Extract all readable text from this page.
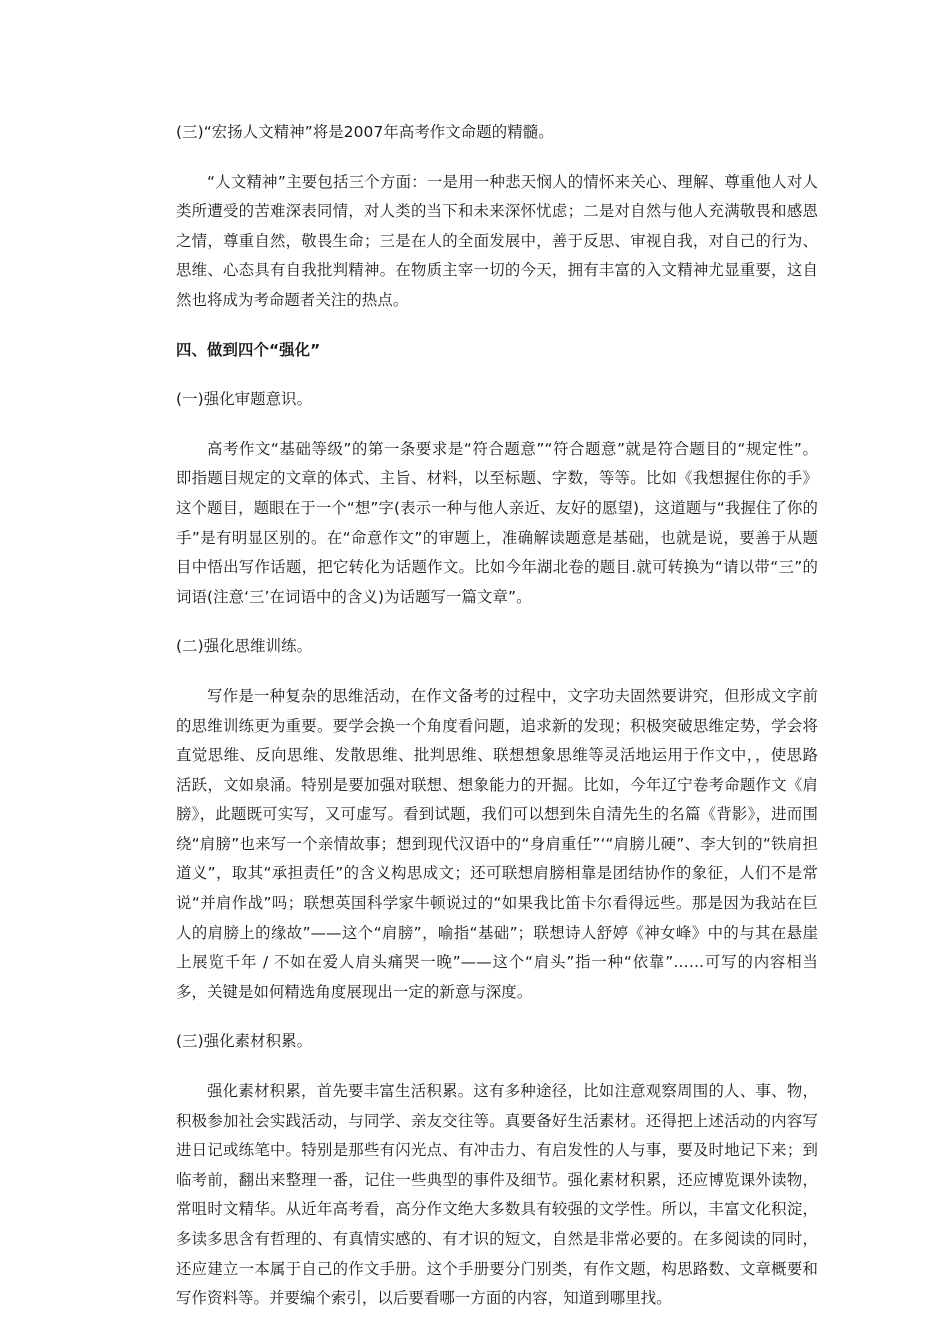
(三)“宏扬人文精神”将是2007年高考作文命题的精髓。

“人文精神”主要包括三个方面：一是用一种悲天悯人的情怀来关心、理解、尊重他人对人类所遭受的苦难深表同情，对人类的当下和未来深怀忧虑；二是对自然与他人充满敬畏和感恩之情，尊重自然，敬畏生命；三是在人的全面发展中，善于反思、审视自我，对自己的行为、思维、心态具有自我批判精神。在物质主宰一切的今天，拥有丰富的入文精神尤显重要，这自然也将成为考命题者关注的热点。

四、做到四个“强化”

(一)强化审题意识。

高考作文“基础等级”的第一条要求是“符合题意”“符合题意”就是符合题目的“规定性”。 即指题目规定的文章的体式、主旨、材料，以至标题、字数，等等。比如《我想握住你的手》这个题目，题眼在于一个“想”字(表示一种与他人亲近、友好的愿望)，这道题与“我握住了你的手”是有明显区别的。在“命意作文”的审题上，准确解读题意是基础，也就是说，要善于从题目中悟出写作话题，把它转化为话题作文。比如今年湖北卷的题目.就可转换为“请以带“三”的词语(注意‘三’在词语中的含义)为话题写一篇文章”。

(二)强化思维训练。

写作是一种复杂的思维活动，在作文备考的过程中，文字功夫固然要讲究，但形成文字前的思维训练更为重要。要学会换一个角度看问题，追求新的发现；积极突破思维定势，学会将直觉思维、反向思维、发散思维、批判思维、联想想象思维等灵活地运用于作文中，，使思路活跃，文如泉涌。特别是要加强对联想、想象能力的开掘。比如，今年辽宁卷考命题作文《肩膀》，此题既可实写，又可虚写。看到试题，我们可以想到朱自清先生的名篇《背影》，进而围绕“肩膀”也来写一个亲情故事；想到现代汉语中的“身肩重任”‘“肩膀儿硬”、李大钊的“铁肩担道义”，取其“承担责任”的含义构思成文；还可联想肩膀相靠是团结协作的象征，人们不是常说“并肩作战”吗；联想英国科学家牛顿说过的“如果我比笛卡尔看得远些。那是因为我站在巨人的肩膀上的缘故”——这个“肩膀”，喻指“基础”；联想诗人舒婷《神女峰》中的与其在悬崖上展览千年 / 不如在爱人肩头痛哭一晚”——这个“肩头”指一种“依靠”……可写的内容相当多，关键是如何精选角度展现出一定的新意与深度。

(三)强化素材积累。

强化素材积累，首先要丰富生活积累。这有多种途径，比如注意观察周围的人、事、物，积极参加社会实践活动，与同学、亲友交往等。真要备好生活素材。还得把上述活动的内容写进日记或练笔中。特别是那些有闪光点、有冲击力、有启发性的人与事，要及时地记下来；到临考前，翻出来整理一番，记住一些典型的事件及细节。强化素材积累，还应博览课外读物，常咀时文精华。从近年高考看，高分作文绝大多数具有较强的文学性。所以，丰富文化积淀，多读多思含有哲理的、有真情实感的、有才识的短文，自然是非常必要的。在多阅读的同时，还应建立一本属于自己的作文手册。这个手册要分门别类，有作文题，构思路数、文章概要和写作资料等。并要编个索引，以后要看哪一方面的内容，知道到哪里找。
